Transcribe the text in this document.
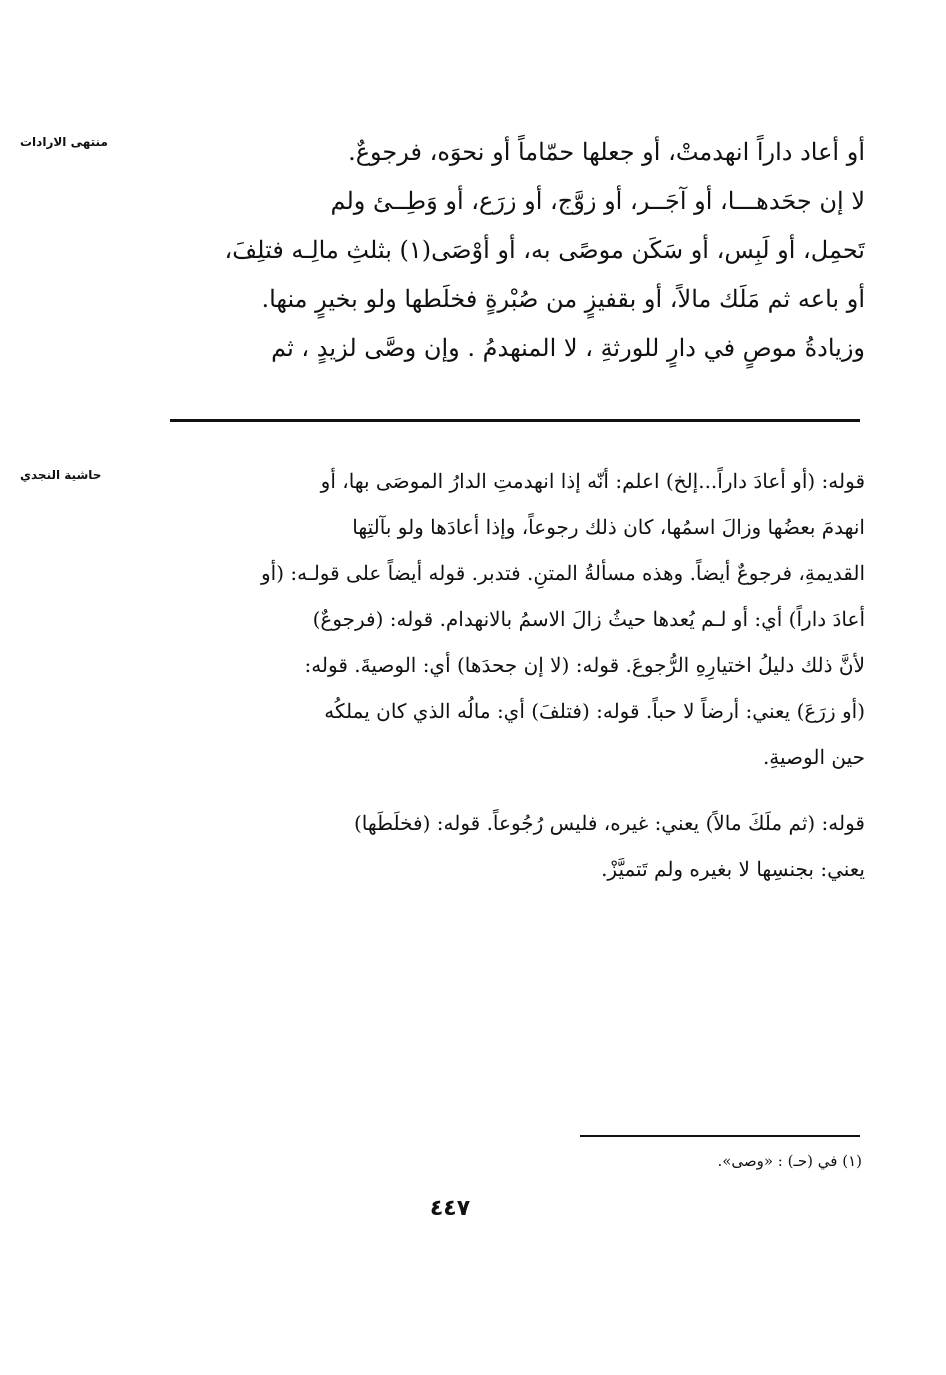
منتهى الارادات
حاشية النجدي
أو أعاد داراً انهدمتْ، أو جعلها حمّاماً أو نحوَه، فرجوعٌ.
لا إن جحَدهـــا، أو آجَــر، أو زوَّج، أو زرَع، أو وَطِــئ ولم
تَحمِل، أو لَبِس، أو سَكَن موصًى به، أو أوْصَى(١) بثلثِ مالِـه فتلِفَ،
أو باعه ثم مَلَك مالاً، أو بقفيزٍ من صُبْرةٍ فخلَطها ولو بخيرٍ منها.
وزيادةُ موصٍ في دارٍ للورثةِ ، لا المنهدمُ . وإن وصَّى لزيدٍ ، ثم
قوله: (أو أعادَ داراً...إلخ) اعلم: أنّه إذا انهدمتِ الدارُ الموصَى بها، أو
انهدمَ بعضُها وزالَ اسمُها، كان ذلك رجوعاً، وإذا أعادَها ولو بآلتِها
القديمةِ، فرجوعٌ أيضاً. وهذه مسألةُ المتنِ. فتدبر. قوله أيضاً على قولـه: (أو
أعادَ داراً) أي: أو لـم يُعدها حيثُ زالَ الاسمُ بالانهدام. قوله: (فرجوعٌ)
لأنَّ ذلك دليلُ اختيارِهِ الرُّجوعَ. قوله: (لا إن جحدَها) أي: الوصيةَ. قوله:
(أو زرَعَ) يعني: أرضاً لا حباً. قوله: (فتلفَ) أي: مالُه الذي كان يملكُه
حين الوصيةِ.
قوله: (ثم ملَكَ مالاً) يعني: غيره، فليس رُجُوعاً. قوله: (فخلَطَها)
يعني: بجنسِها لا بغيره ولم تَتميَّزْ.
(١) في (حـ) : «وصى».
٤٤٧
